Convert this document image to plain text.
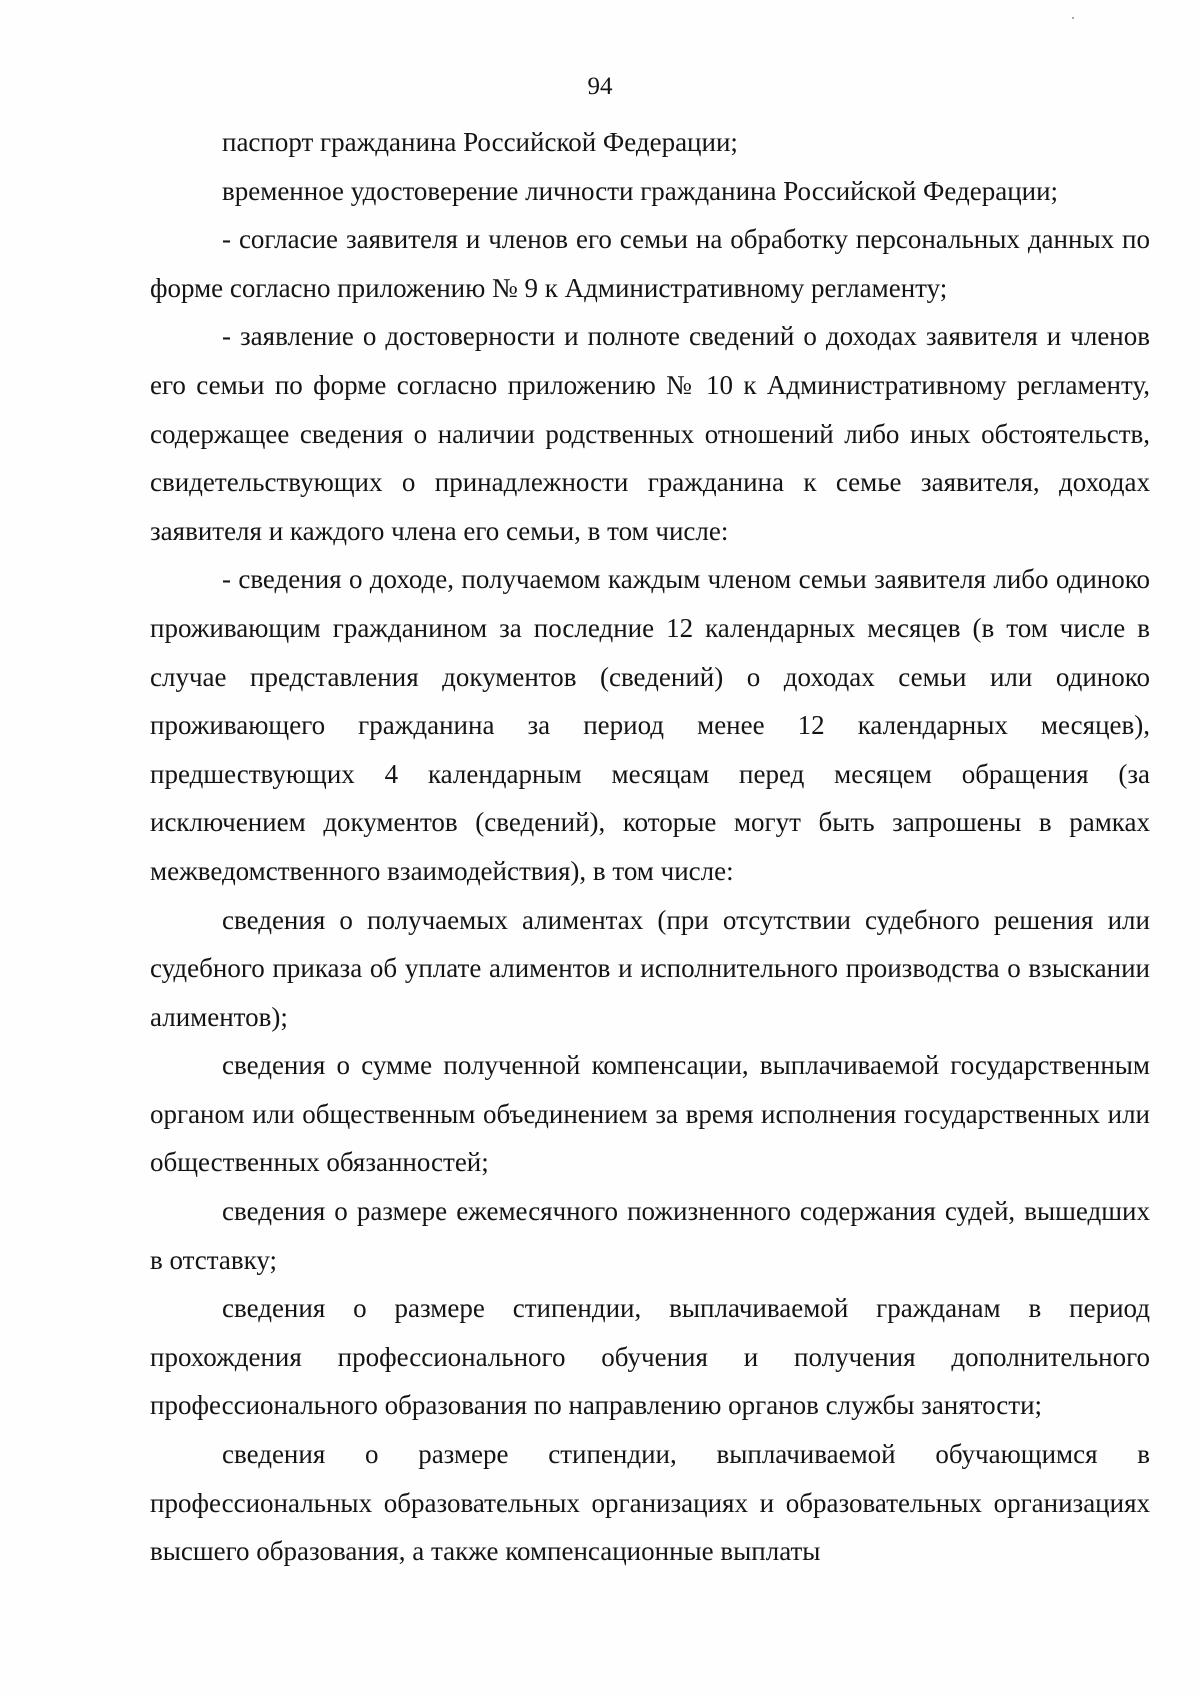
94

паспорт гражданина Российской Федерации;

временное удостоверение личности гражданина Российской Федерации;

- согласие заявителя и членов его семьи на обработку персональных данных по форме согласно приложению № 9 к Административному регламенту;

- заявление о достоверности и полноте сведений о доходах заявителя и членов его семьи по форме согласно приложению № 10 к Административному регламенту, содержащее сведения о наличии родственных отношений либо иных обстоятельств, свидетельствующих о принадлежности гражданина к семье заявителя, доходах заявителя и каждого члена его семьи, в том числе:

- сведения о доходе, получаемом каждым членом семьи заявителя либо одиноко проживающим гражданином за последние 12 календарных месяцев (в том числе в случае представления документов (сведений) о доходах семьи или одиноко проживающего гражданина за период менее 12 календарных месяцев), предшествующих 4 календарным месяцам перед месяцем обращения (за исключением документов (сведений), которые могут быть запрошены в рамках межведомственного взаимодействия), в том числе:

сведения о получаемых алиментах (при отсутствии судебного решения или судебного приказа об уплате алиментов и исполнительного производства о взыскании алиментов);

сведения о сумме полученной компенсации, выплачиваемой государственным органом или общественным объединением за время исполнения государственных или общественных обязанностей;

сведения о размере ежемесячного пожизненного содержания судей, вышедших в отставку;

сведения о размере стипендии, выплачиваемой гражданам в период прохождения профессионального обучения и получения дополнительного профессионального образования по направлению органов службы занятости;

сведения о размере стипендии, выплачиваемой обучающимся в профессиональных образовательных организациях и образовательных организациях высшего образования, а также компенсационные выплаты
